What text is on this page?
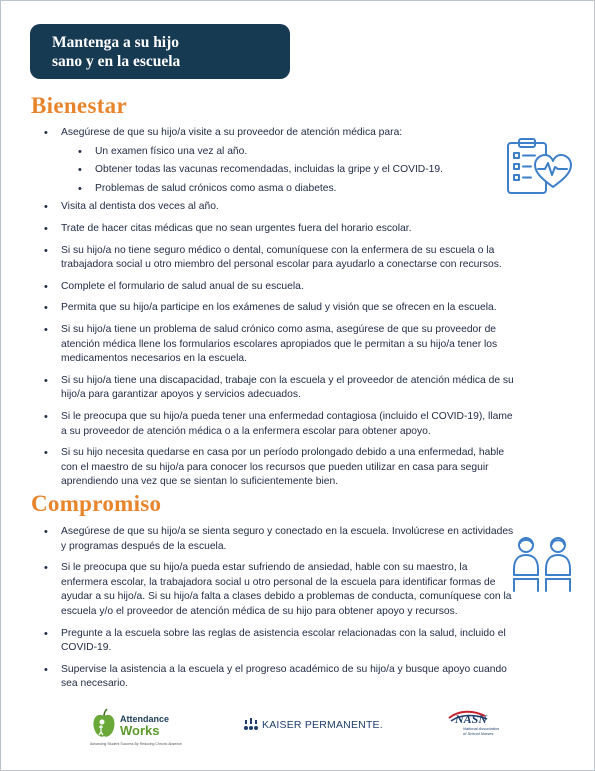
Mantenga a su hijo
sano y en la escuela
Bienestar
• Asegúrese de que su hijo/a visite a su proveedor de atención médica para:
• Un examen físico una vez al año.
• Obtener todas las vacunas recomendadas, incluidas la gripe y el COVID-19.
• Problemas de salud crónicos como asma o diabetes.
• Visita al dentista dos veces al año.
• Trate de hacer citas médicas que no sean urgentes fuera del horario escolar.
• Si su hijo/a no tiene seguro médico o dental, comuníquese con la enfermera de su escuela o la trabajadora social u otro miembro del personal escolar para ayudarlo a conectarse con recursos.
• Complete el formulario de salud anual de su escuela.
• Permita que su hijo/a participe en los exámenes de salud y visión que se ofrecen en la escuela.
• Si su hijo/a tiene un problema de salud crónico como asma, asegúrese de que su proveedor de atención médica llene los formularios escolares apropiados que le permitan a su hijo/a tener los medicamentos necesarios en la escuela.
• Si su hijo/a tiene una discapacidad, trabaje con la escuela y el proveedor de atención médica de su hijo/a para garantizar apoyos y servicios adecuados.
• Si le preocupa que su hijo/a pueda tener una enfermedad contagiosa (incluido el COVID-19), llame a su proveedor de atención médica o a la enfermera escolar para obtener apoyo.
• Si su hijo necesita quedarse en casa por un período prolongado debido a una enfermedad, hable con el maestro de su hijo/a para conocer los recursos que pueden utilizar en casa para seguir aprendiendo una vez que se sientan lo suficientemente bien.
Compromiso
• Asegúrese de que su hijo/a se sienta seguro y conectado en la escuela. Involúcrese en actividades y programas después de la escuela.
• Si le preocupa que su hijo/a pueda estar sufriendo de ansiedad, hable con su maestro, la enfermera escolar, la trabajadora social u otro personal de la escuela para identificar formas de ayudar a su hijo/a. Si su hijo/a falta a clases debido a problemas de conducta, comuníquese con la escuela y/o el proveedor de atención médica de su hijo para obtener apoyo y recursos.
• Pregunte a la escuela sobre las reglas de asistencia escolar relacionadas con la salud, incluido el COVID-19.
• Supervise la asistencia a la escuela y el progreso académico de su hijo/a y busque apoyo cuando sea necesario.
Attendance
Works
Advancing Student Success By Reducing Chronic Absence
KAISER PERMANENTE.	NASN
National Association of School Nurses
